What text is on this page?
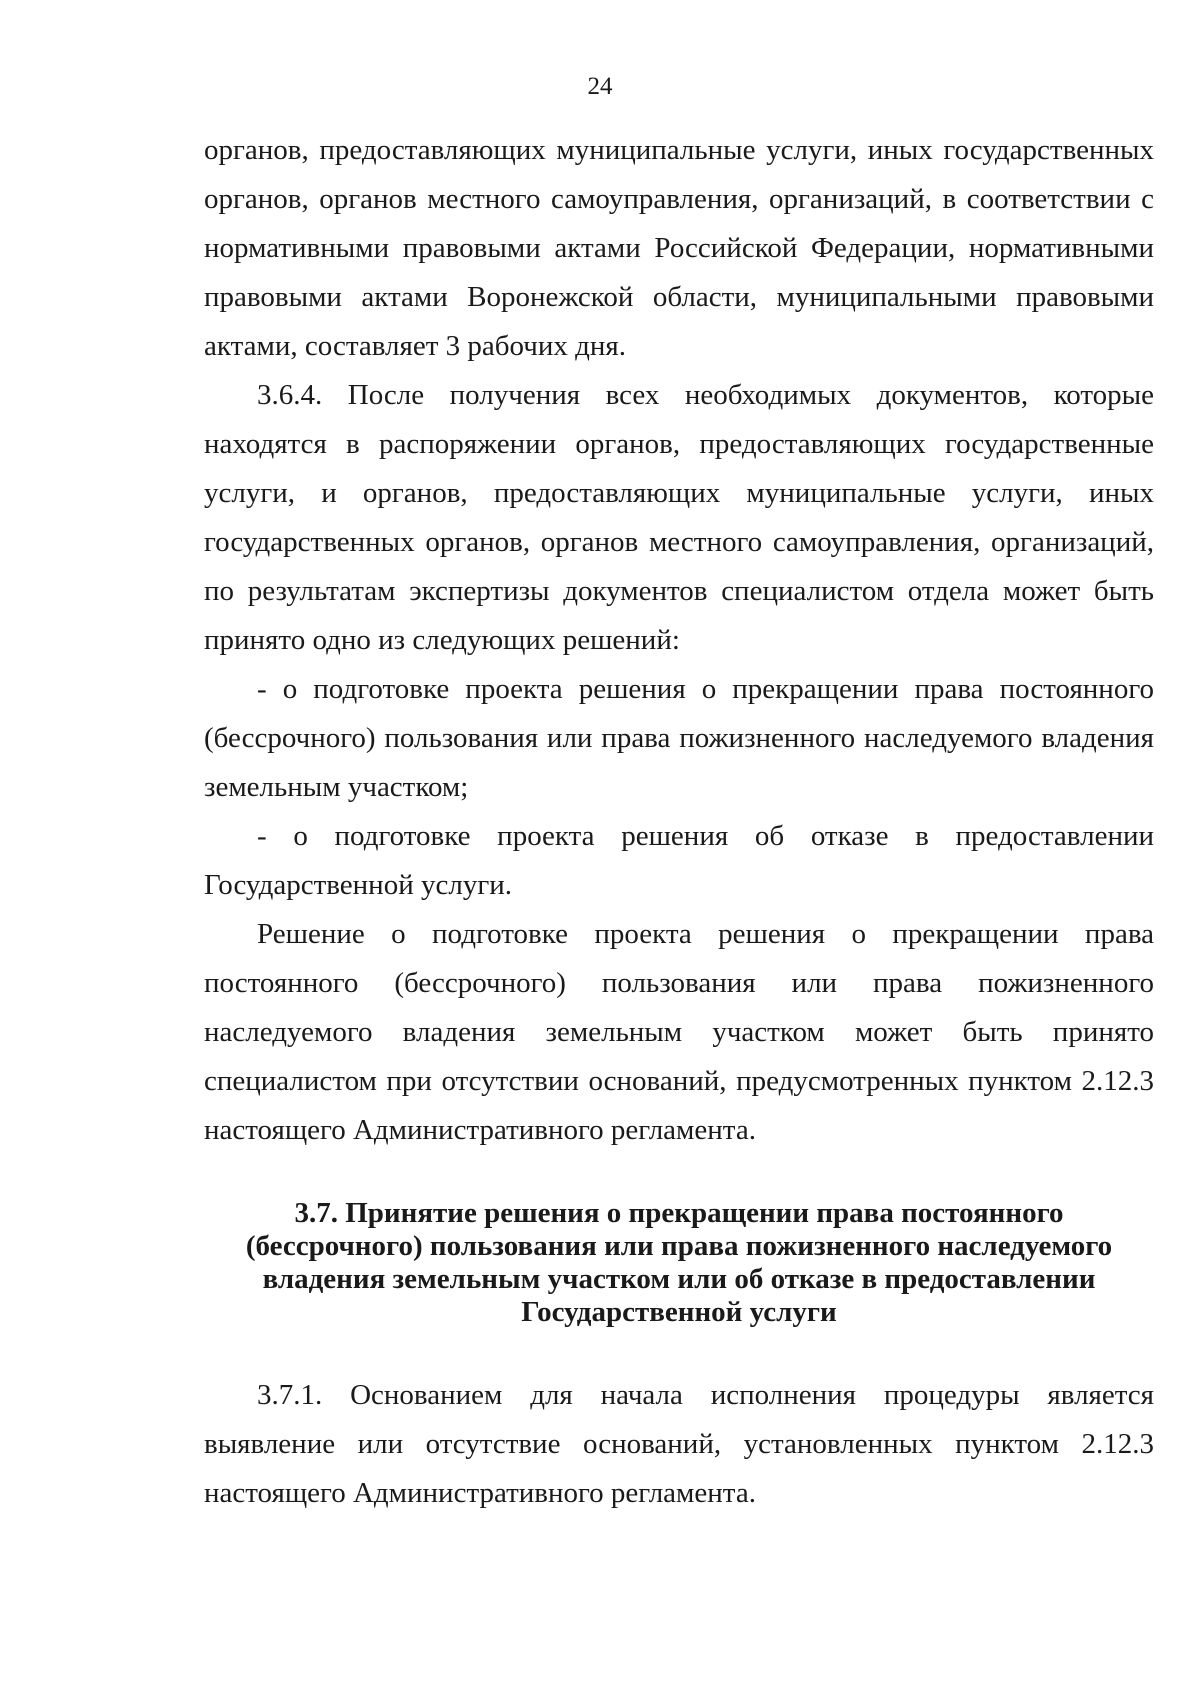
24

органов, предоставляющих муниципальные услуги, иных государственных органов, органов местного самоуправления, организаций, в соответствии с нормативными правовыми актами Российской Федерации, нормативными правовыми актами Воронежской области, муниципальными правовыми актами, составляет 3 рабочих дня.

3.6.4. После получения всех необходимых документов, которые находятся в распоряжении органов, предоставляющих государственные услуги, и органов, предоставляющих муниципальные услуги, иных государственных органов, органов местного самоуправления, организаций, по результатам экспертизы документов специалистом отдела может быть принято одно из следующих решений:

- о подготовке проекта решения о прекращении права постоянного (бессрочного) пользования или права пожизненного наследуемого владения земельным участком;

- о подготовке проекта решения об отказе в предоставлении Государственной услуги.

Решение о подготовке проекта решения о прекращении права постоянного (бессрочного) пользования или права пожизненного наследуемого владения земельным участком может быть принято специалистом при отсутствии оснований, предусмотренных пунктом 2.12.3 настоящего Административного регламента.

3.7. Принятие решения о прекращении права постоянного (бессрочного) пользования или права пожизненного наследуемого владения земельным участком или об отказе в предоставлении Государственной услуги

3.7.1. Основанием для начала исполнения процедуры является выявление или отсутствие оснований, установленных пунктом 2.12.3 настоящего Административного регламента.
